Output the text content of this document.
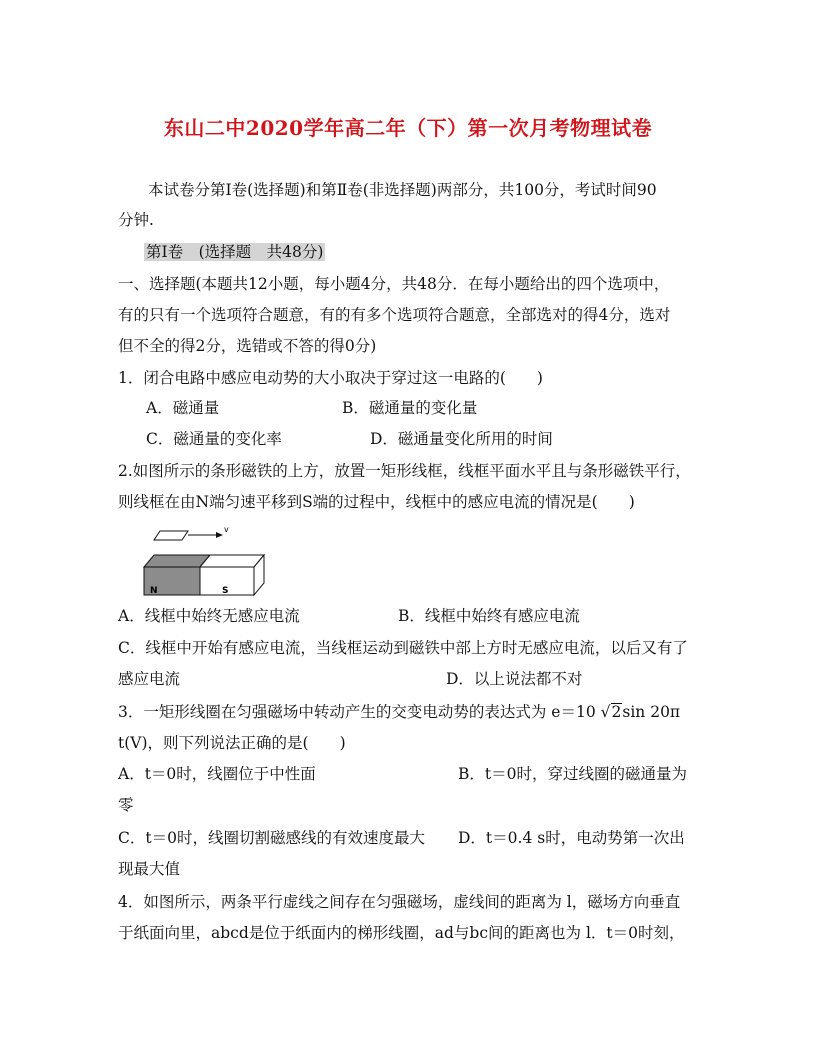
东山二中2020学年高二年（下）第一次月考物理试卷
本试卷分第Ⅰ卷(选择题)和第Ⅱ卷(非选择题)两部分，共100分，考试时间90
分钟.
第Ⅰ卷　(选择题　共48分)
一、选择题(本题共12小题，每小题4分，共48分．在每小题给出的四个选项中，
有的只有一个选项符合题意，有的有多个选项符合题意，全部选对的得4分，选对
但不全的得2分，选错或不答的得0分)
1．闭合电路中感应电动势的大小取决于穿过这一电路的(　　)
A．磁通量	B．磁通量的变化量
C．磁通量的变化率	D．磁通量变化所用的时间
2.如图所示的条形磁铁的上方，放置一矩形线框，线框平面水平且与条形磁铁平行，
则线框在由N端匀速平移到S端的过程中，线框中的感应电流的情况是(　　)
v
N	S
A．线框中始终无感应电流	B．线框中始终有感应电流
C．线框中开始有感应电流，当线框运动到磁铁中部上方时无感应电流，以后又有了
感应电流	D．以上说法都不对
3．一矩形线圈在匀强磁场中转动产生的交变电动势的表达式为 e＝10 √2sin 20π
t(V)，则下列说法正确的是(　　)
A．t＝0时，线圈位于中性面	B．t＝0时，穿过线圈的磁通量为
零
C．t＝0时，线圈切割磁感线的有效速度最大 D．t＝0.4 s时，电动势第一次出
现最大值
4．如图所示，两条平行虚线之间存在匀强磁场，虚线间的距离为 l，磁场方向垂直
于纸面向里，abcd是位于纸面内的梯形线圈，ad与bc间的距离也为 l．t＝0时刻，
